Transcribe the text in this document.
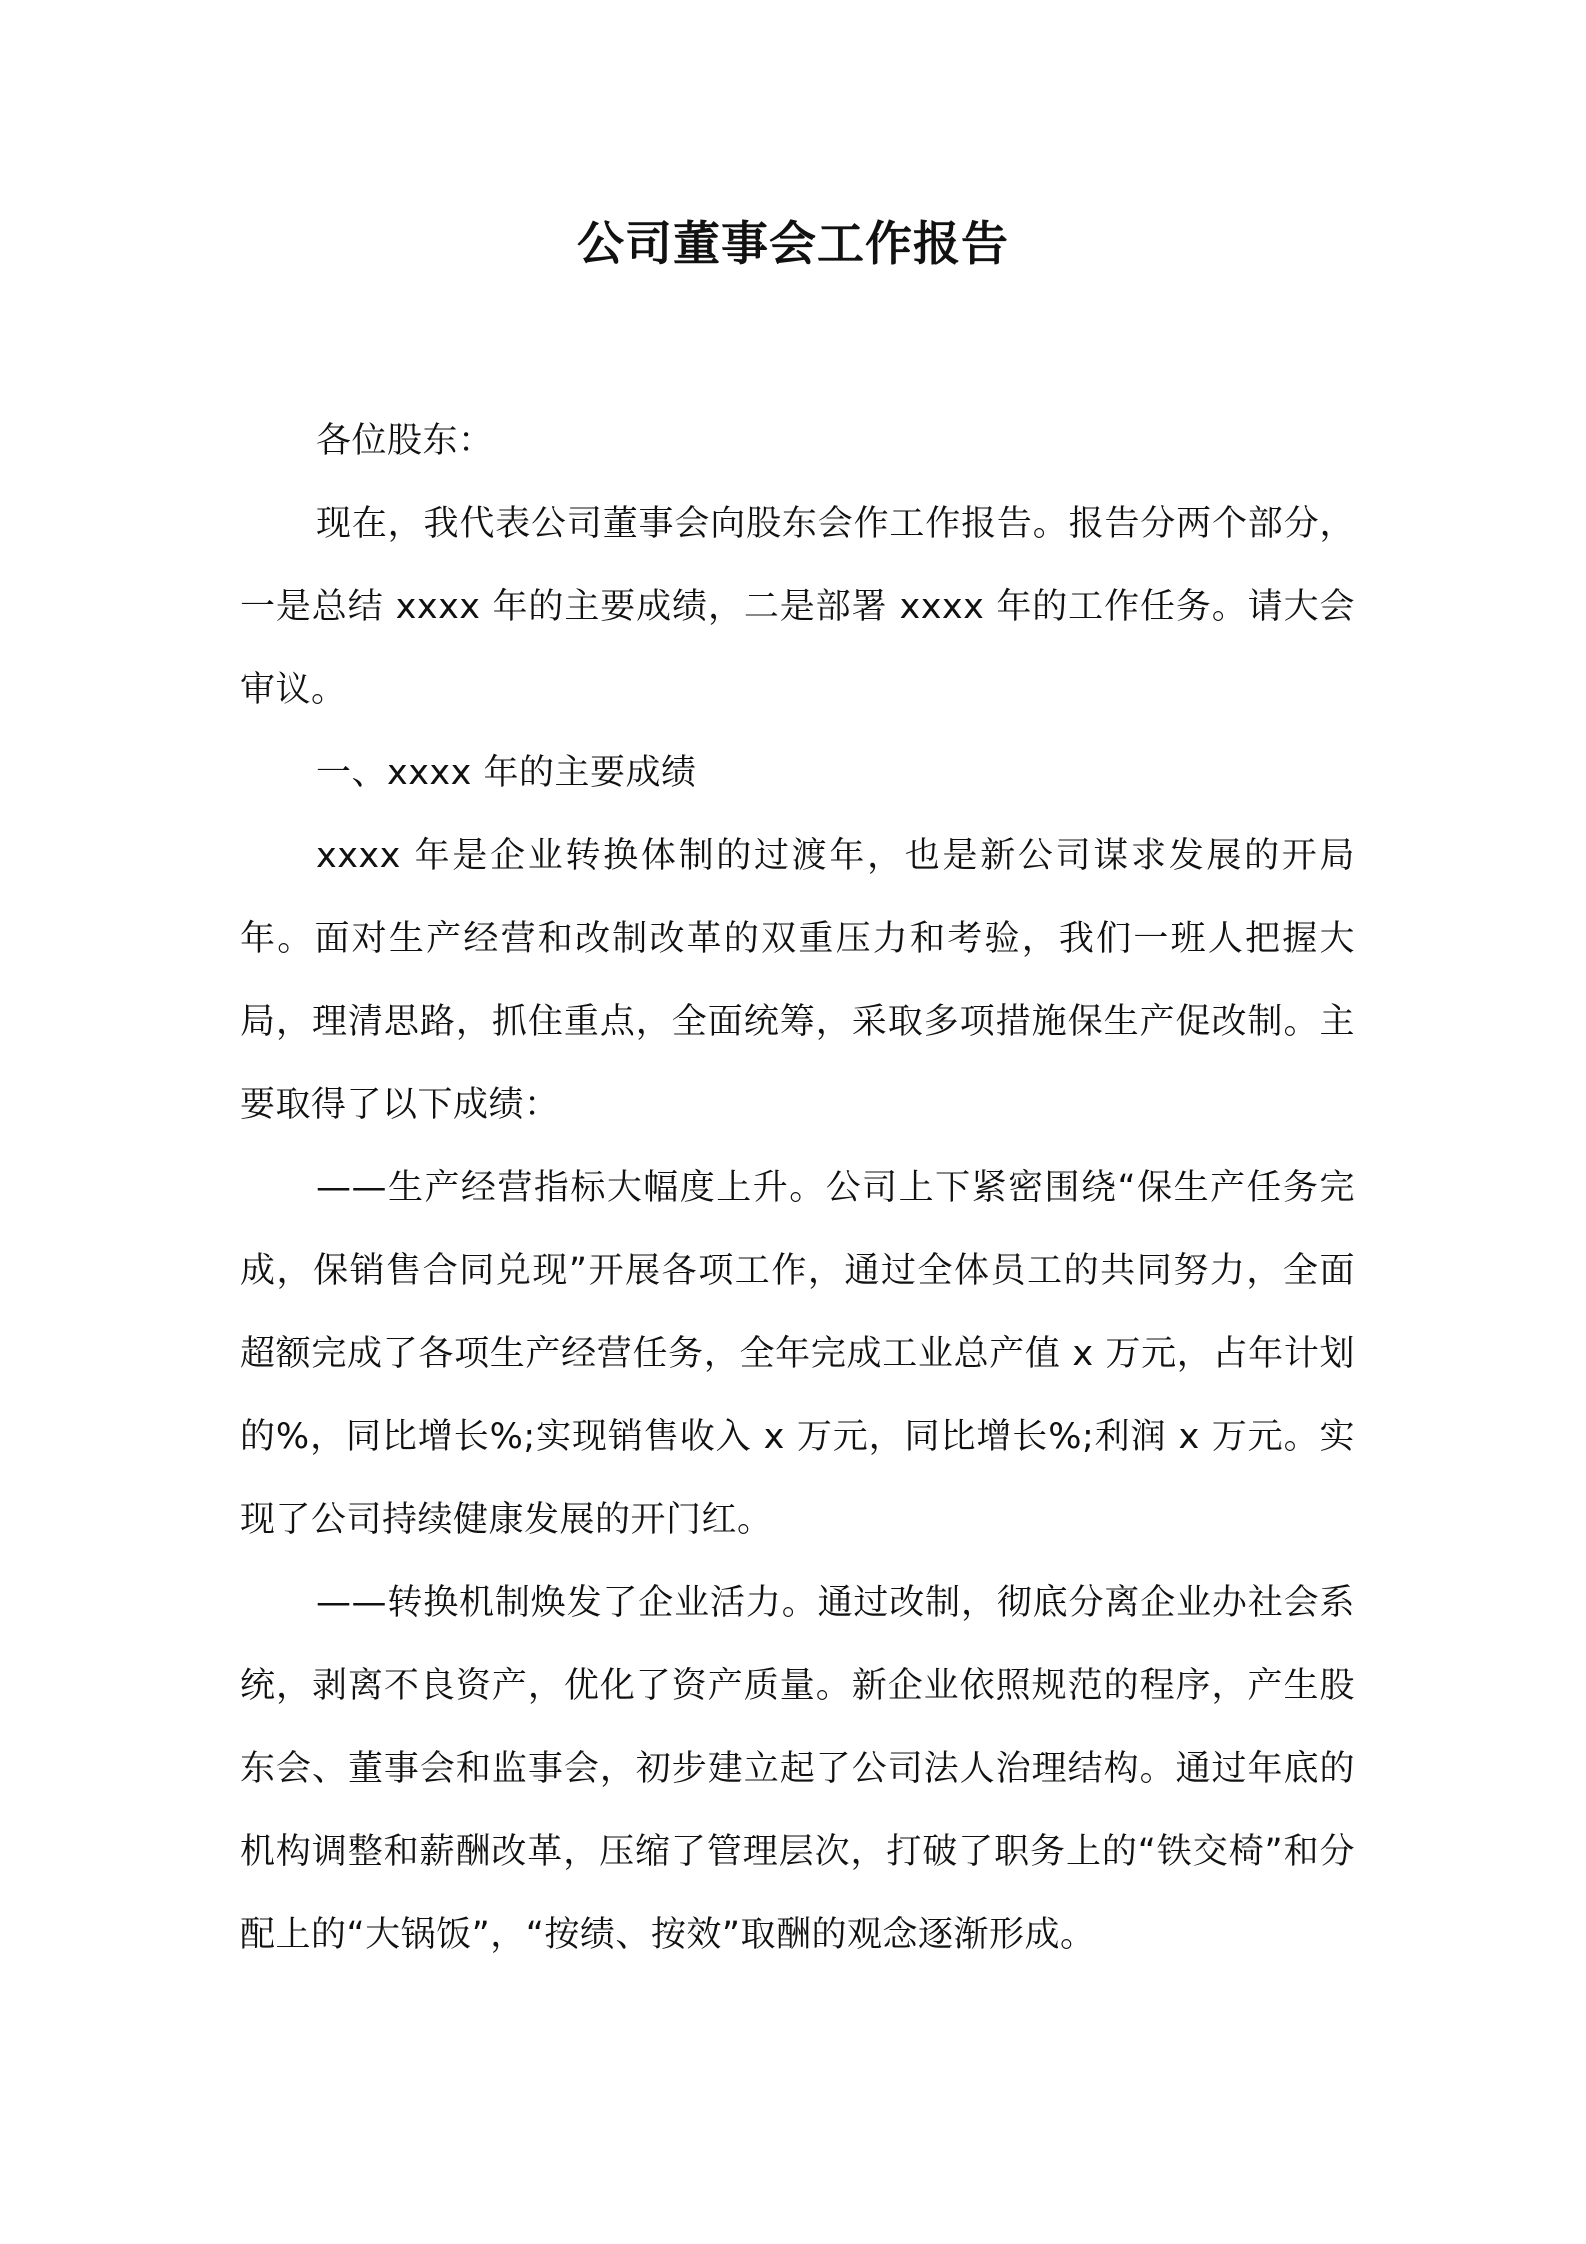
公司董事会工作报告

各位股东：

现在，我代表公司董事会向股东会作工作报告。报告分两个部分，一是总结 xxxx 年的主要成绩，二是部署 xxxx 年的工作任务。请大会审议。

一、xxxx 年的主要成绩

xxxx 年是企业转换体制的过渡年，也是新公司谋求发展的开局年。面对生产经营和改制改革的双重压力和考验，我们一班人把握大局，理清思路，抓住重点，全面统筹，采取多项措施保生产促改制。主要取得了以下成绩：

——生产经营指标大幅度上升。公司上下紧密围绕“保生产任务完成，保销售合同兑现”开展各项工作，通过全体员工的共同努力，全面超额完成了各项生产经营任务，全年完成工业总产值 x 万元，占年计划的%，同比增长%;实现销售收入 x 万元，同比增长%;利润 x 万元。实现了公司持续健康发展的开门红。

——转换机制焕发了企业活力。通过改制，彻底分离企业办社会系统，剥离不良资产，优化了资产质量。新企业依照规范的程序，产生股东会、董事会和监事会，初步建立起了公司法人治理结构。通过年底的机构调整和薪酬改革，压缩了管理层次，打破了职务上的“铁交椅”和分配上的“大锅饭”，“按绩、按效”取酬的观念逐渐形成。
